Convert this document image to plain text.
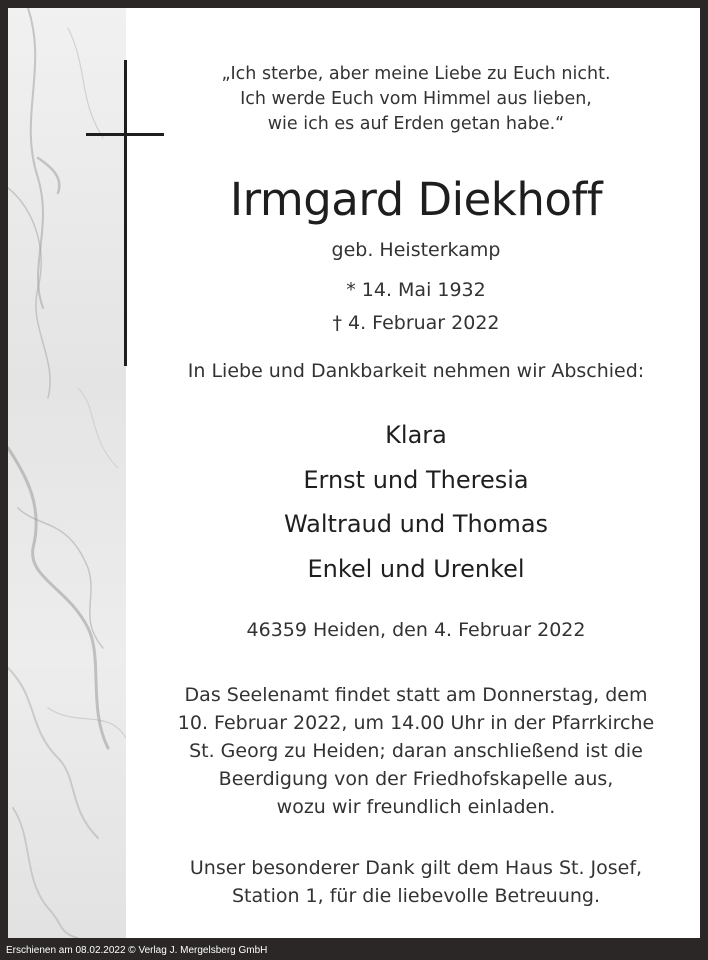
„Ich sterbe, aber meine Liebe zu Euch nicht.
Ich werde Euch vom Himmel aus lieben,
wie ich es auf Erden getan habe.“
Irmgard Diekhoff
geb. Heisterkamp
* 14. Mai 1932
† 4. Februar 2022
In Liebe und Dankbarkeit nehmen wir Abschied:
Klara
Ernst und Theresia
Waltraud und Thomas
Enkel und Urenkel
46359 Heiden, den 4. Februar 2022
Das Seelenamt findet statt am Donnerstag, dem
10. Februar 2022, um 14.00 Uhr in der Pfarrkirche
St. Georg zu Heiden; daran anschließend ist die
Beerdigung von der Friedhofskapelle aus,
wozu wir freundlich einladen.
Unser besonderer Dank gilt dem Haus St. Josef,
Station 1, für die liebevolle Betreuung.
Erschienen am 08.02.2022 © Verlag J. Mergelsberg GmbH
